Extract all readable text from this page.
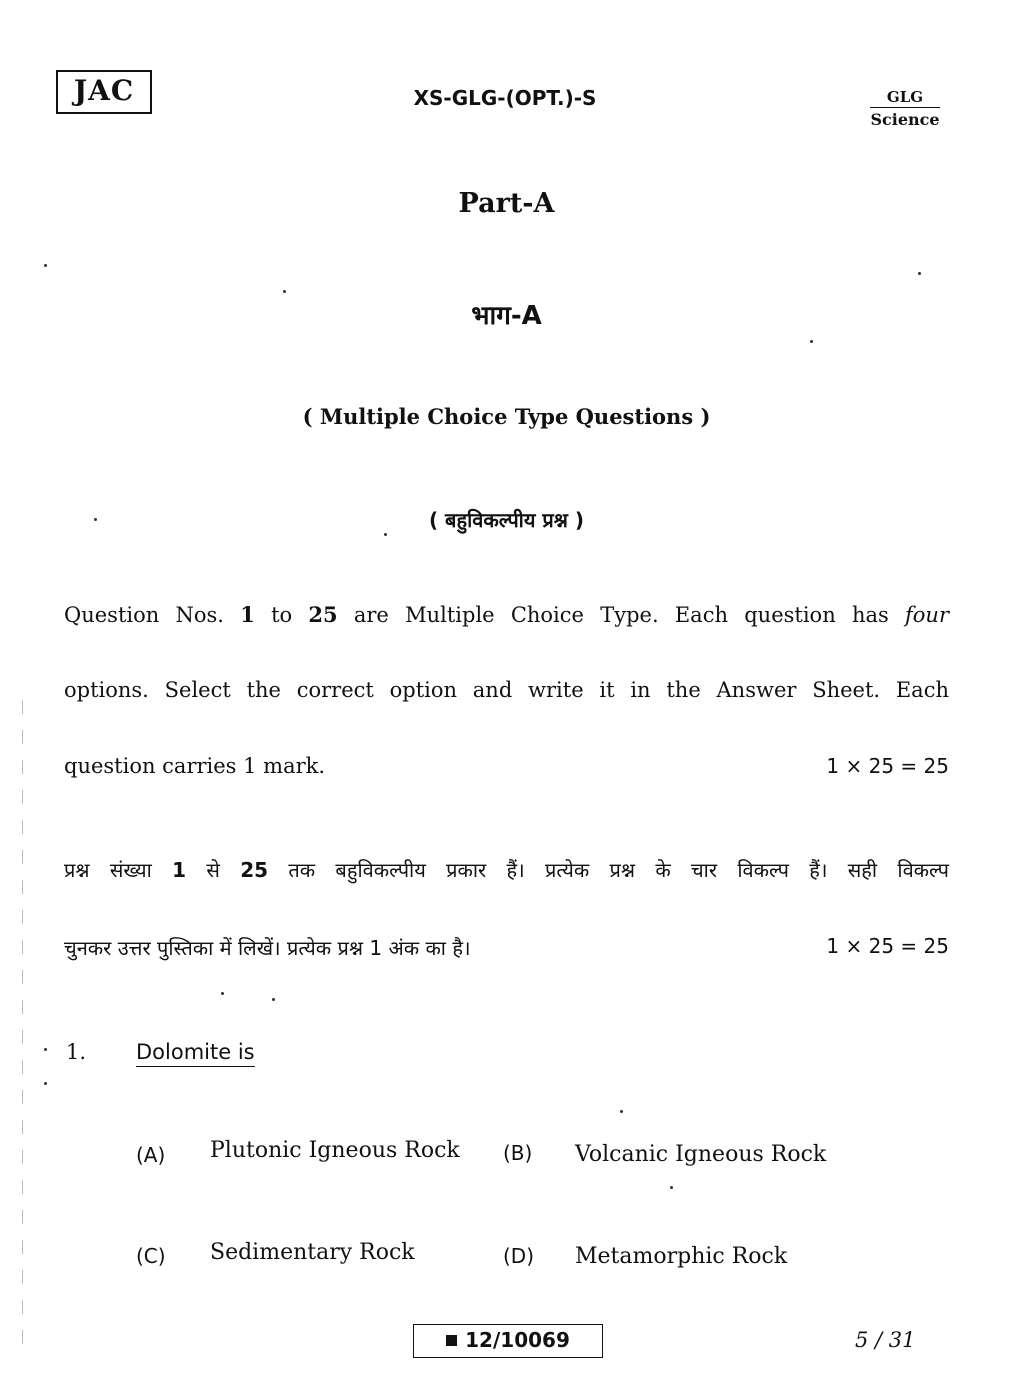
JAC	XS-GLG-(OPT.)-S	GLG
Science
Part-A
भाग-A
( Multiple Choice Type Questions )
( बहुविकल्पीय प्रश्न )
Question Nos. 1 to 25 are Multiple Choice Type. Each question has four
options. Select the correct option and write it in the Answer Sheet. Each
question carries 1 mark.	1 × 25 = 25
प्रश्न संख्या 1 से 25 तक बहुविकल्पीय प्रकार हैं। प्रत्येक प्रश्न के चार विकल्प हैं। सही विकल्प
चुनकर उत्तर पुस्तिका में लिखें। प्रत्येक प्रश्न 1 अंक का है।	1 × 25 = 25
1. Dolomite is
(A) Plutonic Igneous Rock (B) Volcanic Igneous Rock
(C) Sedimentary Rock	(D) Metamorphic Rock
12/10069	5 / 31
